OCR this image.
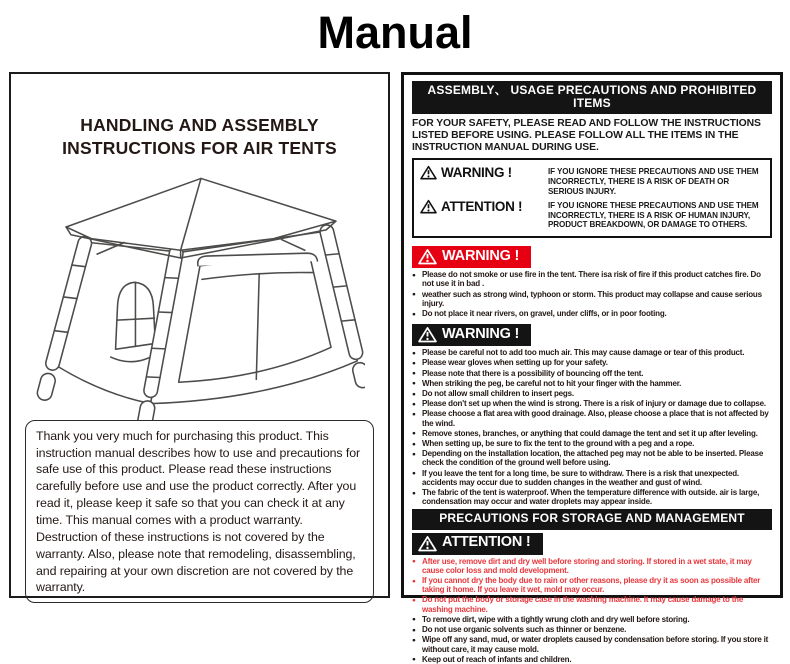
Manual
HANDLING AND ASSEMBLY
INSTRUCTIONS FOR AIR TENTS

Thank you very much for purchasing this product. This instruction manual describes how to use and precautions for safe use of this product. Please read these instructions carefully before use and use the product correctly. After you read it, please keep it safe so that you can check it at any time. This manual comes with a product warranty. Destruction of these instructions is not covered by the warranty. Also, please note that remodeling, disassembling, and repairing at your own discretion are not covered by the warranty.

ASSEMBLY、 USAGE PRECAUTIONS AND PROHIBITED ITEMS

FOR YOUR SAFETY, PLEASE READ AND FOLLOW THE INSTRUCTIONS LISTED BEFORE USING. PLEASE FOLLOW ALL THE ITEMS IN THE INSTRUCTION MANUAL DURING USE.

WARNING !	IF YOU IGNORE THESE PRECAUTIONS AND USE THEM INCORRECTLY, THERE IS A RISK OF DEATH OR SERIOUS INJURY.
ATTENTION !	IF YOU IGNORE THESE PRECAUTIONS AND USE THEM INCORRECTLY, THERE IS A RISK OF HUMAN INJURY, PRODUCT BREAKDOWN, OR DAMAGE TO OTHERS.
WARNING !
● Please do not smoke or use fire in the tent. There isa risk of fire if this product catches fire. Do not use it in bad .
● weather such as strong wind, typhoon or storm. This product may collapse and cause serious injury.
● Do not place it near rivers, on gravel, under cliffs, or in poor footing.
WARNING !
● Please be careful not to add too much air. This may cause damage or tear of this product.
● Please wear gloves when setting up for your safety.
● Please note that there is a possibility of bouncing off the tent.
● When striking the peg, be careful not to hit your finger with the hammer.
● Do not allow small children to insert pegs.
● Please don't set up when the wind is strong. There is a risk of injury or damage due to collapse.
● Please choose a flat area with good drainage. Also, please choose a place that is not affected by the wind.
● Remove stones, branches, or anything that could damage the tent and set it up after leveling.
● When setting up, be sure to fix the tent to the ground with a peg and a rope.
● Depending on the installation location, the attached peg may not be able to be inserted. Please check the condition of the ground well before using.
● If you leave the tent for a long time, be sure to withdraw. There is a risk that unexpected. accidents may occur due to sudden changes in the weather and gust of wind.
● The fabric of the tent is waterproof. When the temperature difference with outside. air is large, condensation may occur and water droplets may appear inside.
PRECAUTIONS FOR STORAGE AND MANAGEMENT
ATTENTION !
● After use, remove dirt and dry well before storing and storing. If stored in a wet state, it may cause color loss and mold development.
● If you cannot dry the body due to rain or other reasons, please dry it as soon as possible after taking it home. If you leave it wet, mold may occur.
● Do not put the body or storage case in the washing machine. It may cause damage to the washing machine.
● To remove dirt, wipe with a tightly wrung cloth and dry well before storing.
● Do not use organic solvents such as thinner or benzene.
● Wipe off any sand, mud, or water droplets caused by condensation before storing. If you store it without care, it may cause mold.
● Keep out of reach of infants and children.
